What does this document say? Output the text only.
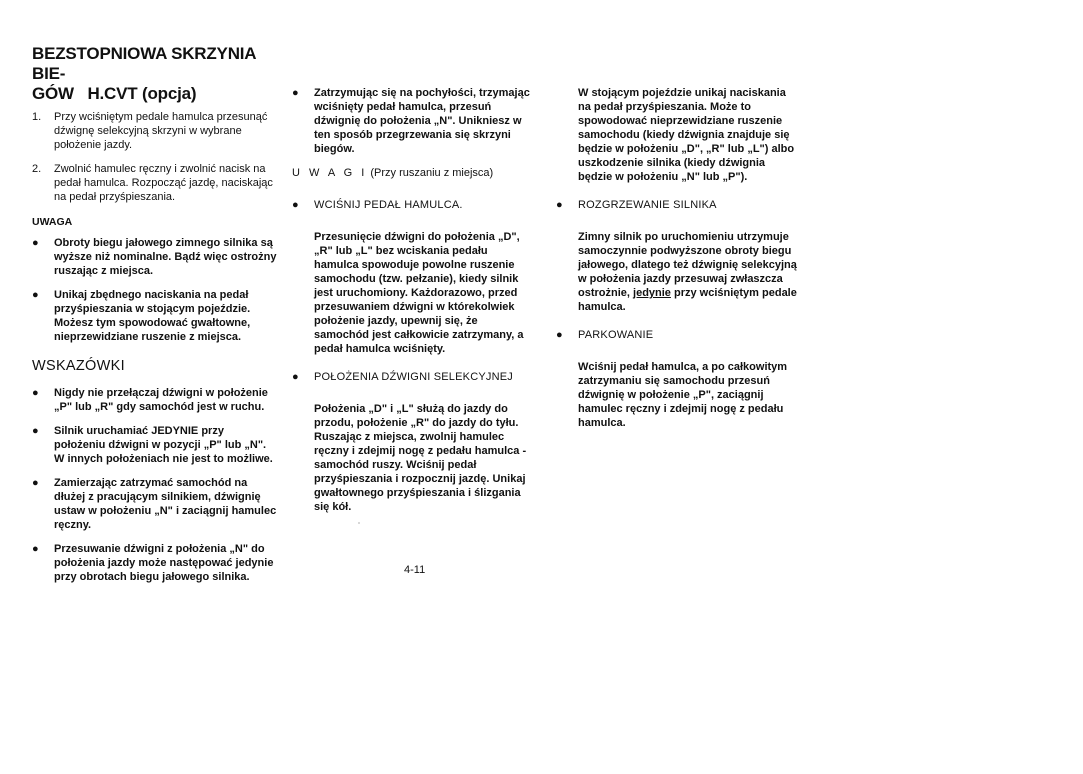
BEZSTOPNIOWA SKRZYNIA BIE-
GÓW   H.CVT (opcja)
1.	Przy wciśniętym pedale hamulca przesunąć dźwignę selekcyjną skrzyni w wybrane położenie jazdy.
2.	Zwolnić hamulec ręczny i zwolnić nacisk na pedał hamulca. Rozpocząć jazdę, naciskając na pedał przyśpieszania.
UWAGA
●	Obroty biegu jałowego zimnego silnika są wyższe niż nominalne. Bądź więc ostrożny ruszając z miejsca.
●	Unikaj zbędnego naciskania na pedał przyśpieszania w stojącym pojeździe. Możesz tym spowodować gwałtowne, nieprzewidziane ruszenie z miejsca.
WSKAZÓWKI
●	Nigdy nie przełączaj dźwigni w położenie „P" lub „R" gdy samochód jest w ruchu.
●	Silnik uruchamiać JEDYNIE przy położeniu dźwigni w pozycji „P" lub „N". W innych położeniach nie jest to możliwe.
●	Zamierzając zatrzymać samochód na dłużej z pracującym silnikiem, dźwignię ustaw w położeniu „N" i zaciągnij hamulec ręczny.
●	Przesuwanie dźwigni z położenia „N" do położenia jazdy może następować jedynie przy obrotach biegu jałowego silnika.
●	Zatrzymując się na pochyłości, trzymając wciśnięty pedał hamulca, przesuń dźwignię do położenia „N". Unikniesz w ten sposób przegrzewania się skrzyni biegów.
U W A G I (Przy ruszaniu z miejsca)
●	WCIŚNIJ PEDAŁ HAMULCA.
Przesunięcie dźwigni do położenia „D", „R" lub „L" bez wciskania pedału hamulca spowoduje powolne ruszenie samochodu (tzw. pełzanie), kiedy silnik jest uruchomiony. Każdorazowo, przed przesuwaniem dźwigni w którekolwiek położenie jazdy, upewnij się, że samochód jest całkowicie zatrzymany, a pedał hamulca wciśnięty.
●	POŁOŻENIA DŹWIGNI SELEKCYJNEJ
Położenia „D" i „L" służą do jazdy do przodu, położenie „R" do jazdy do tyłu. Ruszając z miejsca, zwolnij hamulec ręczny i zdejmij nogę z pedału hamulca - samochód ruszy. Wciśnij pedał przyśpieszania i rozpocznij jazdę. Unikaj gwałtownego przyśpieszania i ślizgania się kół.
W stojącym pojeździe unikaj naciskania na pedał przyśpieszania. Może to spowodować nieprzewidziane ruszenie samochodu (kiedy dźwignia znajduje się będzie w położeniu „D", „R" lub „L") albo uszkodzenie silnika (kiedy dźwignia będzie w położeniu „N" lub „P").
●	ROZGRZEWANIE SILNIKA
Zimny silnik po uruchomieniu utrzymuje samoczynnie podwyższone obroty biegu jałowego, dlatego też dźwignię selekcyjną w położenia jazdy przesuwaj zwłaszcza ostrożnie, jedynie przy wciśniętym pedale hamulca.
●	PARKOWANIE
Wciśnij pedał hamulca, a po całkowitym zatrzymaniu się samochodu przesuń dźwignię w położenie „P", zaciągnij hamulec ręczny i zdejmij nogę z pedału hamulca.
4-11
